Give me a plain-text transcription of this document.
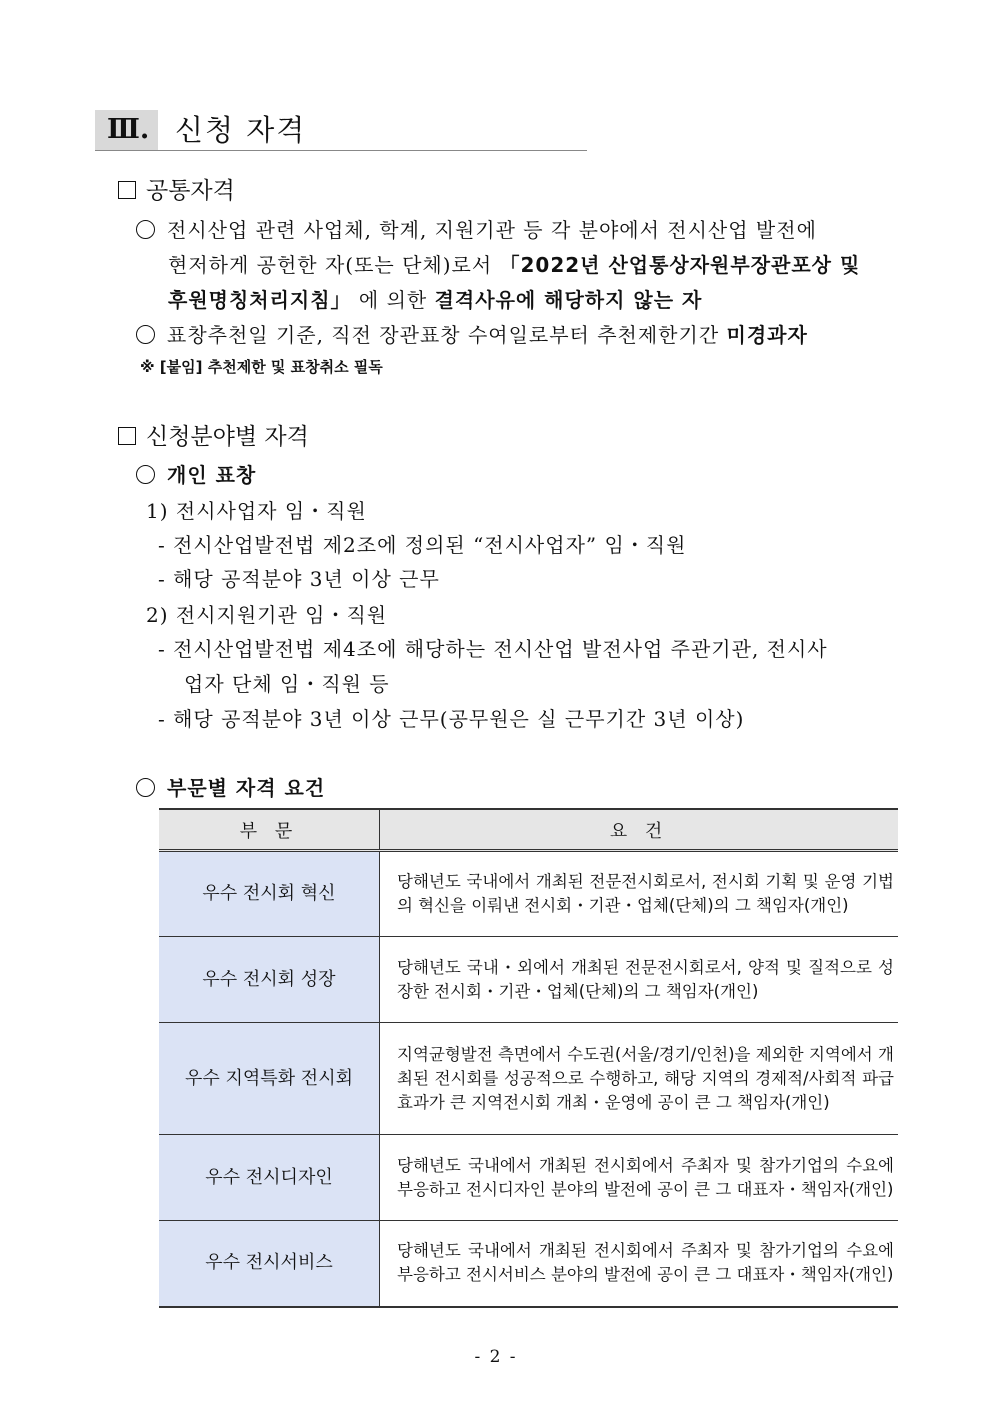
Ⅲ. 신청 자격
공통자격
전시산업 관련 사업체, 학계, 지원기관 등 각 분야에서 전시산업 발전에
현저하게 공헌한 자(또는 단체)로서 「2022년 산업통상자원부장관포상 및
후원명칭처리지침」 에 의한 결격사유에 해당하지 않는 자
표창추천일 기준, 직전 장관표창 수여일로부터 추천제한기간 미경과자
※ [붙임] 추천제한 및 표창취소 필독
신청분야별 자격
개인 표창
1) 전시사업자 임・직원
- 전시산업발전법 제2조에 정의된 “전시사업자” 임・직원
- 해당 공적분야 3년 이상 근무
2) 전시지원기관 임・직원
- 전시산업발전법 제4조에 해당하는 전시산업 발전사업 주관기관, 전시사
업자 단체 임・직원 등
- 해당 공적분야 3년 이상 근무(공무원은 실 근무기간 3년 이상)
부문별 자격 요건
부 문	요 건
우수 전시회 혁신	당해년도 국내에서 개최된 전문전시회로서, 전시회 기획 및 운영 기법의 혁신을 이뤄낸 전시회・기관・업체(단체)의 그 책임자(개인)
우수 전시회 성장	당해년도 국내・외에서 개최된 전문전시회로서, 양적 및 질적으로 성장한 전시회・기관・업체(단체)의 그 책임자(개인)
우수 지역특화 전시회	지역균형발전 측면에서 수도권(서울/경기/인천)을 제외한 지역에서 개최된 전시회를 성공적으로 수행하고, 해당 지역의 경제적/사회적 파급효과가 큰 지역전시회 개최・운영에 공이 큰 그 책임자(개인)
우수 전시디자인	당해년도 국내에서 개최된 전시회에서 주최자 및 참가기업의 수요에 부응하고 전시디자인 분야의 발전에 공이 큰 그 대표자・책임자(개인)
우수 전시서비스	당해년도 국내에서 개최된 전시회에서 주최자 및 참가기업의 수요에 부응하고 전시서비스 분야의 발전에 공이 큰 그 대표자・책임자(개인)
- 2 -
